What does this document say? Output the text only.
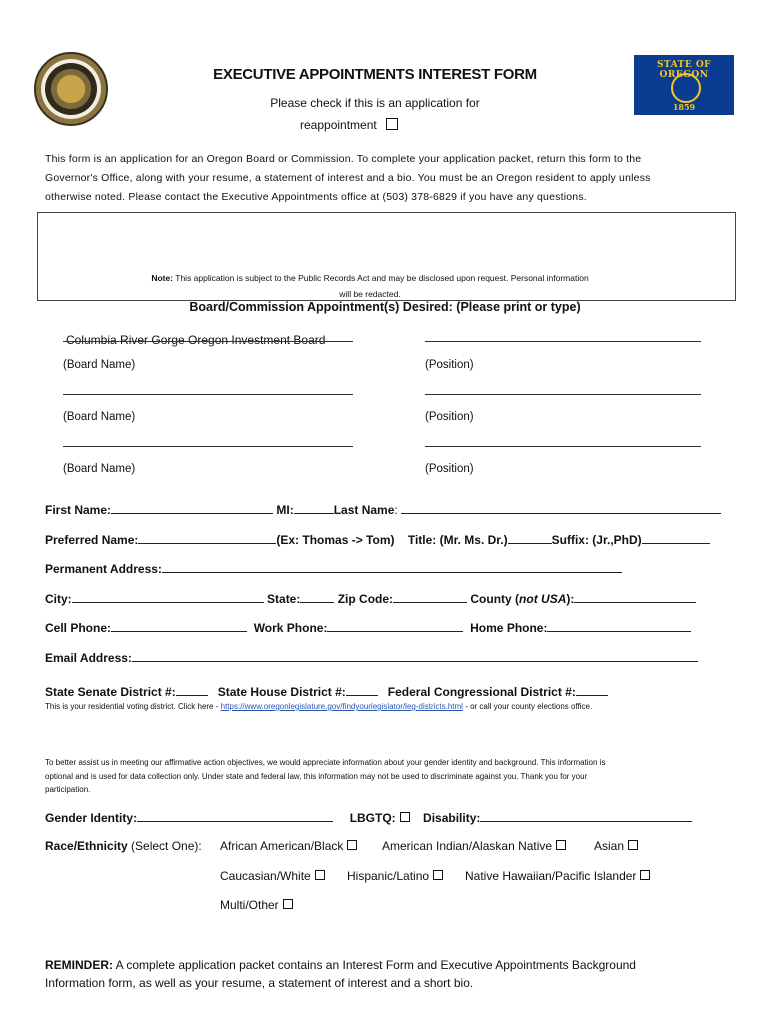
STATE OF OREGON
1859
EXECUTIVE APPOINTMENTS INTEREST FORM
Please check if this is an application for
reappointment
This form is an application for an Oregon Board or Commission. To complete your application packet, return this form to the
Governor's Office, along with your resume, a statement of interest and a bio. You must be an Oregon resident to apply unless
otherwise noted. Please contact the Executive Appointments office at (503) 378-6829 if you have any questions.
Note: This application is subject to the Public Records Act and may be disclosed upon request. Personal information
will be redacted.
Board/Commission Appointment(s) Desired: (Please print or type)
Columbia River Gorge Oregon Investment Board
(Board Name)	(Position)
(Board Name)	(Position)
(Board Name)	(Position)
First Name:	MI:	Last Name:
Preferred Name:	(Ex: Thomas -> Tom) Title: (Mr. Ms. Dr.)	Suffix: (Jr.,PhD)
Permanent Address:
City:	State:	Zip Code:	County (not USA):
Cell Phone:	Work Phone:	Home Phone:
Email Address:
State Senate District #:	State House District #:	Federal Congressional District #:
This is your residential voting district. Click here - https://www.oregonlegislature.gov/findyourlegislator/leg-districts.html - or call your county elections office.
To better assist us in meeting our affirmative action objectives, we would appreciate information about your gender identity and background. This information is
optional and is used for data collection only. Under state and federal law, this information may not be used to discriminate against you. Thank you for your
participation.
Gender Identity:	LBGTQ: Disability:
Race/Ethnicity (Select One): African American/Black	American Indian/Alaskan Native	Asian
Caucasian/White	Hispanic/Latino	Native Hawaiian/Pacific Islander
Multi/Other
REMINDER: A complete application packet contains an Interest Form and Executive Appointments Background
Information form, as well as your resume, a statement of interest and a short bio.
